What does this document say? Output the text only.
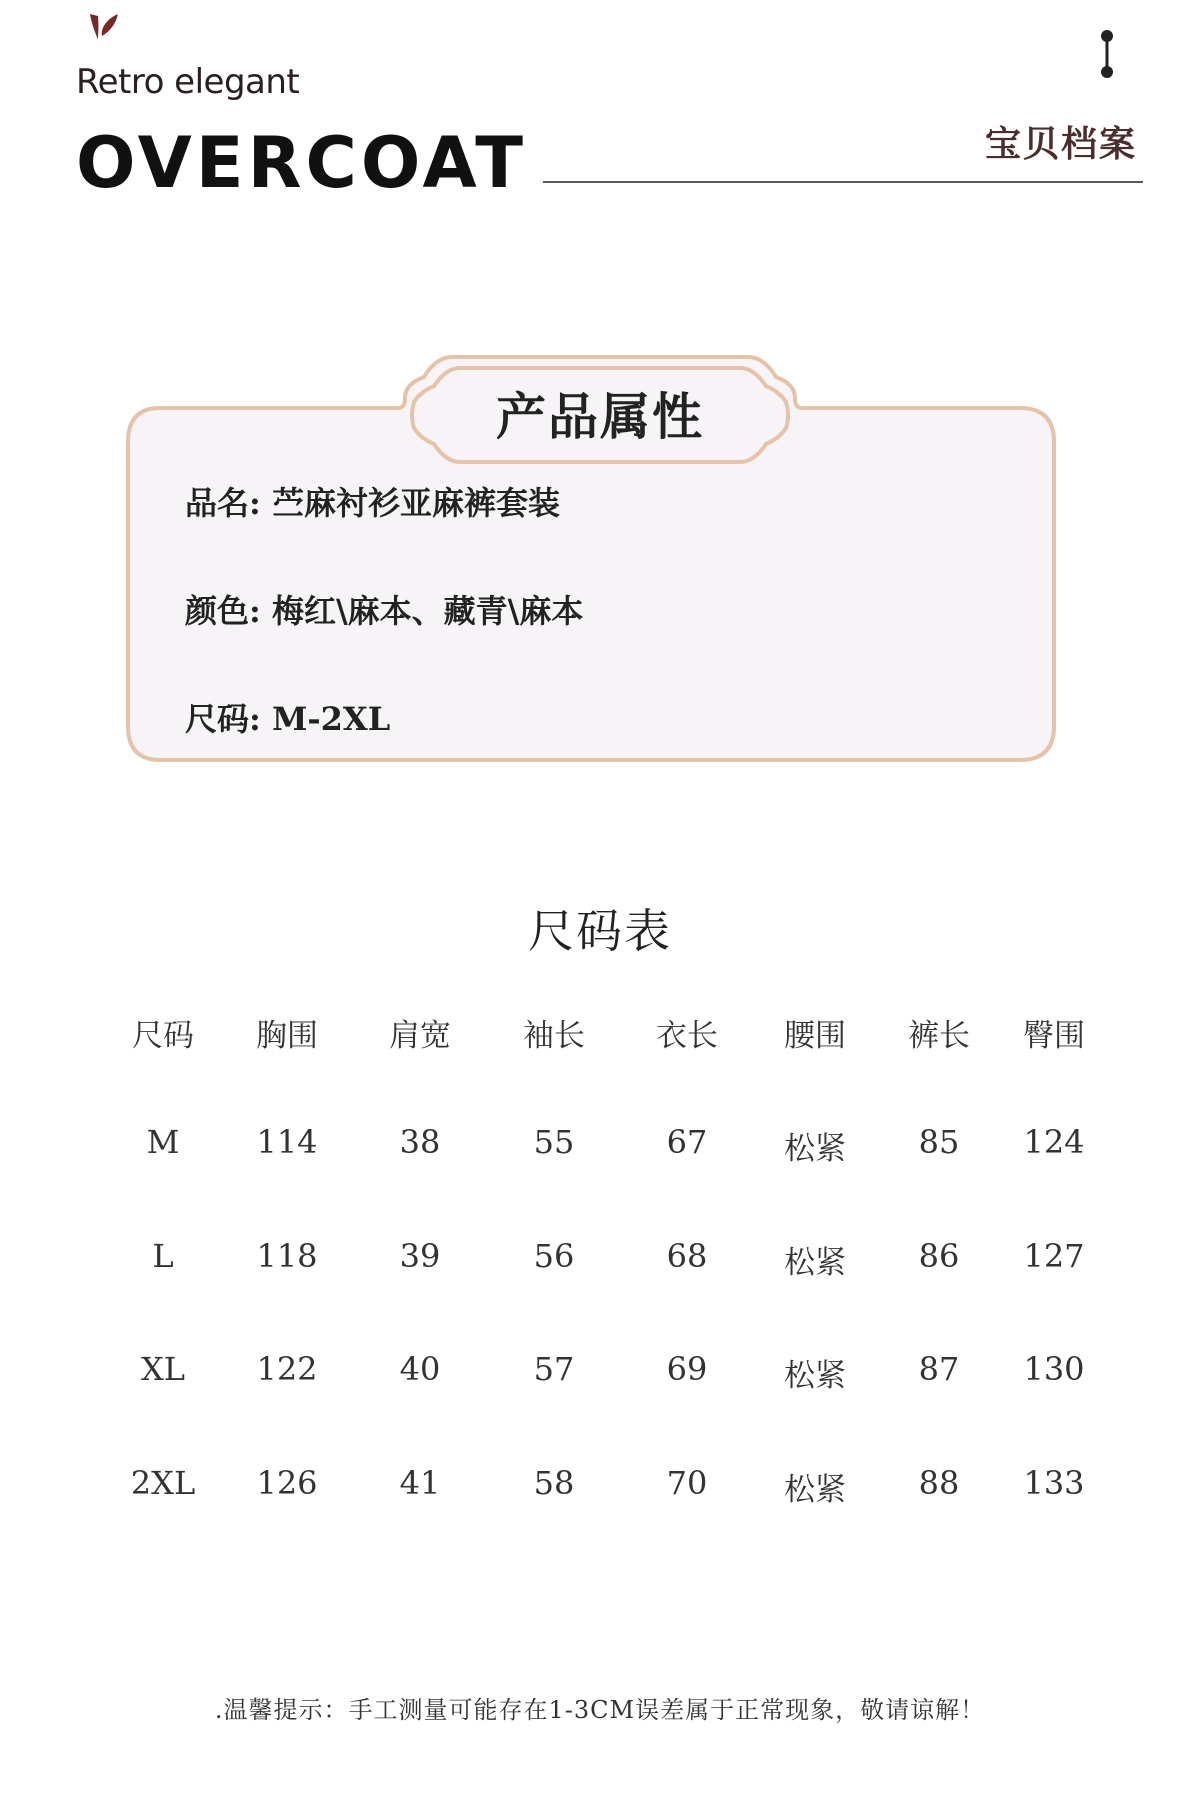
Retro elegant
OVERCOAT	宝贝档案
产品属性
品名: 苎麻衬衫亚麻裤套装
颜色: 梅红\麻本、藏青\麻本
尺码: M-2XL
尺码表
尺码 胸围 肩宽 袖长 衣长 腰围 裤长 臀围
M 114	38	55	67 松紧 85 124
L	118	39	56	68 松紧 86 127
XL 122	40	57	69 松紧 87 130
2XL 126	41	58	70 松紧 88 133
.温馨提示：手工测量可能存在1-3CM误差属于正常现象，敬请谅解！
